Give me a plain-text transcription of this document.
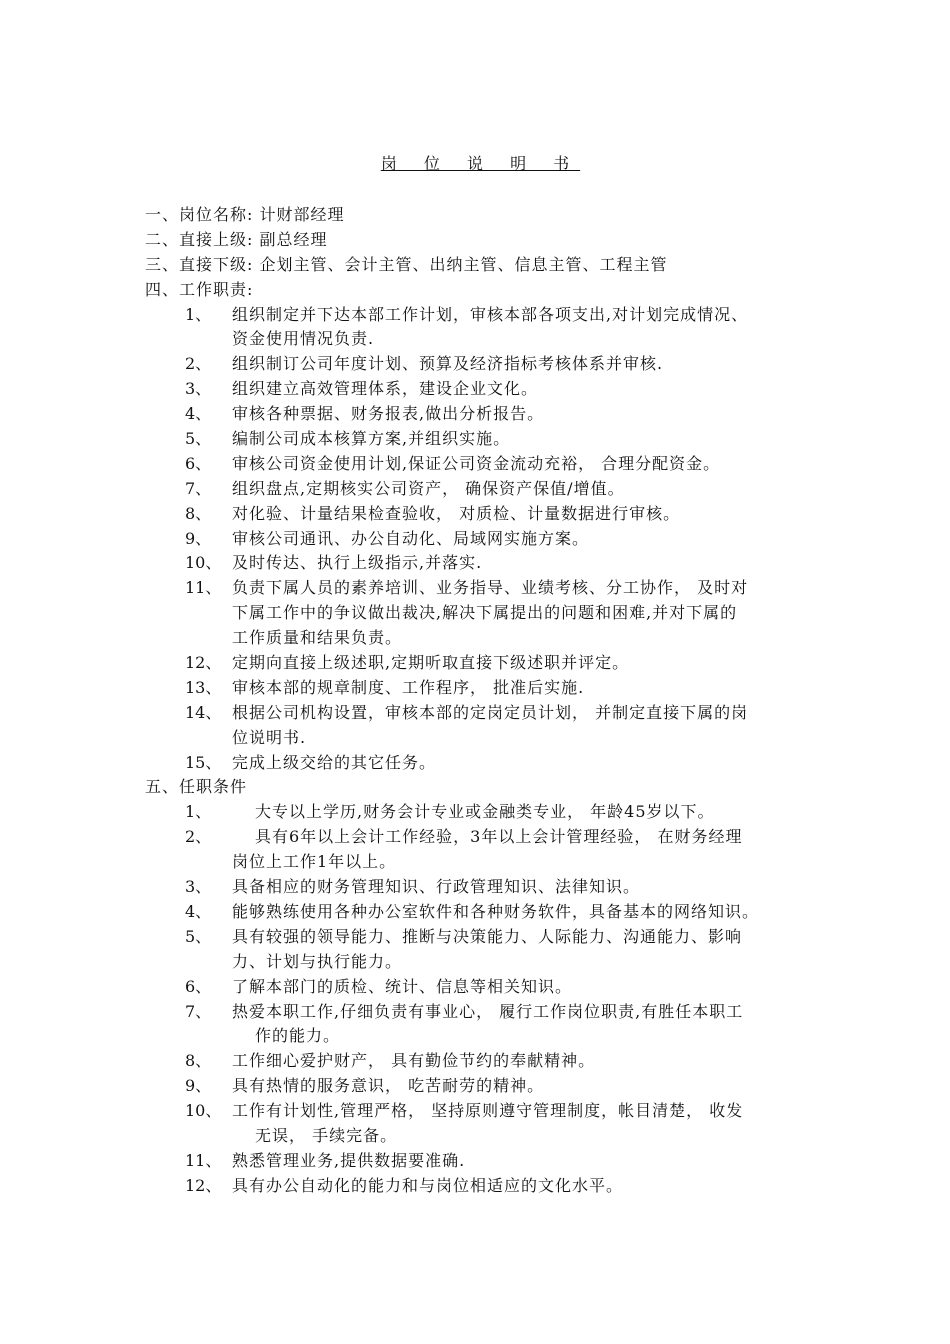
岗 位 说 明 书
一、岗位名称: 计财部经理
二、直接上级: 副总经理
三、直接下级: 企划主管、会计主管、出纳主管、信息主管、工程主管
四、工作职责:
1、	组织制定并下达本部工作计划，审核本部各项支出,对计划完成情况、
资金使用情况负责.
2、	组织制订公司年度计划、预算及经济指标考核体系并审核.
3、	组织建立高效管理体系，建设企业文化。
4、	审核各种票据、财务报表,做出分析报告。
5、	编制公司成本核算方案,并组织实施。
6、	审核公司资金使用计划,保证公司资金流动充裕， 合理分配资金。
7、	组织盘点,定期核实公司资产， 确保资产保值/增值。
8、	对化验、计量结果检查验收， 对质检、计量数据进行审核。
9、	审核公司通讯、办公自动化、局域网实施方案。
10、 及时传达、执行上级指示,并落实.
11、 负责下属人员的素养培训、业务指导、业绩考核、分工协作， 及时对
下属工作中的争议做出裁决,解决下属提出的问题和困难,并对下属的
工作质量和结果负责。
12、 定期向直接上级述职,定期听取直接下级述职并评定。
13、 审核本部的规章制度、工作程序， 批准后实施.
14、 根据公司机构设置，审核本部的定岗定员计划， 并制定直接下属的岗
位说明书.
15、 完成上级交给的其它任务。
五、任职条件
1、	大专以上学历,财务会计专业或金融类专业， 年龄45岁以下。
2、	具有6年以上会计工作经验，3年以上会计管理经验， 在财务经理
岗位上工作1年以上。
3、	具备相应的财务管理知识、行政管理知识、法律知识。
4、	能够熟练使用各种办公室软件和各种财务软件，具备基本的网络知识。
5、	具有较强的领导能力、推断与决策能力、人际能力、沟通能力、影响
力、计划与执行能力。
6、	了解本部门的质检、统计、信息等相关知识。
7、	热爱本职工作,仔细负责有事业心， 履行工作岗位职责,有胜任本职工
作的能力。
8、	工作细心爱护财产， 具有勤俭节约的奉献精神。
9、	具有热情的服务意识， 吃苦耐劳的精神。
10、 工作有计划性,管理严格， 坚持原则遵守管理制度，帐目清楚， 收发
无误， 手续完备。
11、 熟悉管理业务,提供数据要准确.
12、 具有办公自动化的能力和与岗位相适应的文化水平。
